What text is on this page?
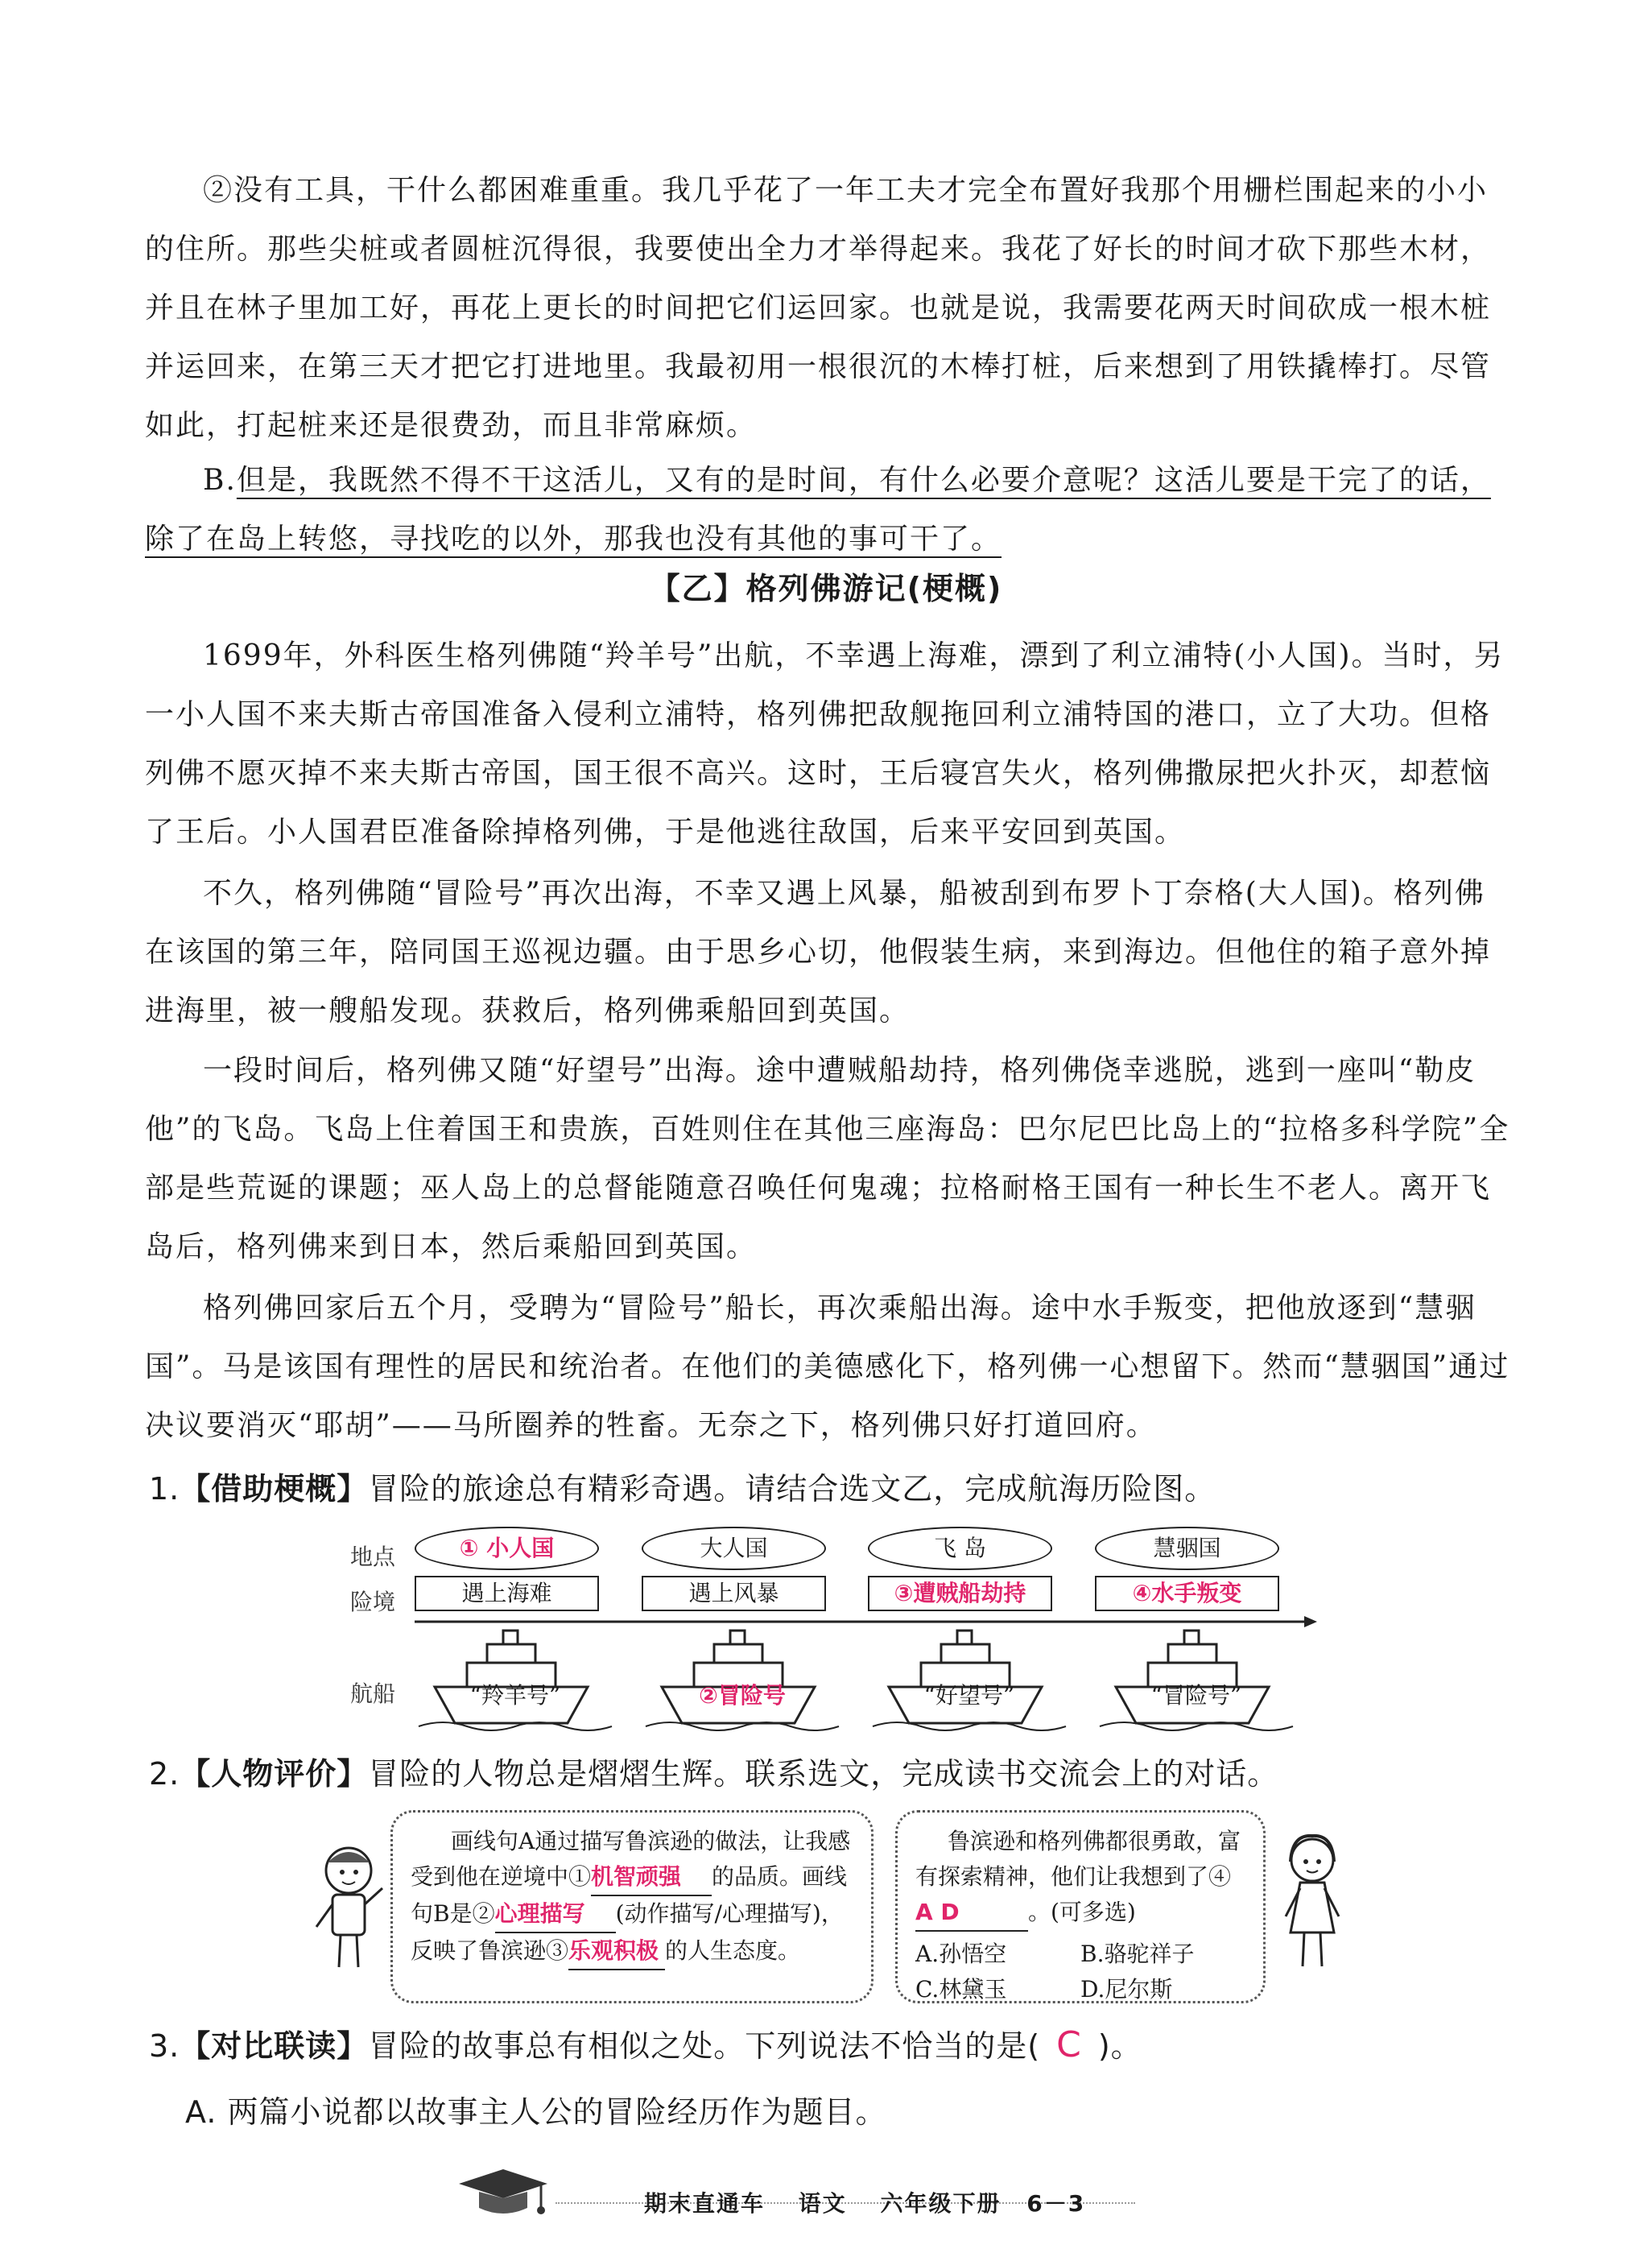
②没有工具，干什么都困难重重。我几乎花了一年工夫才完全布置好我那个用栅栏围起来的小小的住所。那些尖桩或者圆桩沉得很，我要使出全力才举得起来。我花了好长的时间才砍下那些木材，并且在林子里加工好，再花上更长的时间把它们运回家。也就是说，我需要花两天时间砍成一根木桩并运回来，在第三天才把它打进地里。我最初用一根很沉的木棒打桩，后来想到了用铁撬棒打。尽管如此，打起桩来还是很费劲，而且非常麻烦。

B.但是，我既然不得不干这活儿，又有的是时间，有什么必要介意呢？这活儿要是干完了的话，除了在岛上转悠，寻找吃的以外，那我也没有其他的事可干了。

【乙】格列佛游记(梗概)

1699年，外科医生格列佛随“羚羊号”出航，不幸遇上海难，漂到了利立浦特(小人国)。当时，另一小人国不来夫斯古帝国准备入侵利立浦特，格列佛把敌舰拖回利立浦特国的港口，立了大功。但格列佛不愿灭掉不来夫斯古帝国，国王很不高兴。这时，王后寝宫失火，格列佛撒尿把火扑灭，却惹恼了王后。小人国君臣准备除掉格列佛，于是他逃往敌国，后来平安回到英国。

不久，格列佛随“冒险号”再次出海，不幸又遇上风暴，船被刮到布罗卜丁奈格(大人国)。格列佛在该国的第三年，陪同国王巡视边疆。由于思乡心切，他假装生病，来到海边。但他住的箱子意外掉进海里，被一艘船发现。获救后，格列佛乘船回到英国。

一段时间后，格列佛又随“好望号”出海。途中遭贼船劫持，格列佛侥幸逃脱，逃到一座叫“勒皮他”的飞岛。飞岛上住着国王和贵族，百姓则住在其他三座海岛：巴尔尼巴比岛上的“拉格多科学院”全部是些荒诞的课题；巫人岛上的总督能随意召唤任何鬼魂；拉格耐格王国有一种长生不老人。离开飞岛后，格列佛来到日本，然后乘船回到英国。

格列佛回家后五个月，受聘为“冒险号”船长，再次乘船出海。途中水手叛变，把他放逐到“慧骃国”。马是该国有理性的居民和统治者。在他们的美德感化下，格列佛一心想留下。然而“慧骃国”通过决议要消灭“耶胡”——马所圈养的牲畜。无奈之下，格列佛只好打道回府。

1.【借助梗概】冒险的旅途总有精彩奇遇。请结合选文乙，完成航海历险图。
地点
险境
航船
① 小人国	大人国	飞 岛	慧骃国
遇上海难	遇上风暴	③遭贼船劫持	④水手叛变
“羚羊号”	②冒险号	“好望号”	“冒险号”
2.【人物评价】冒险的人物总是熠熠生辉。联系选文，完成读书交流会上的对话。
画线句A通过描写鲁滨逊的做法，让我感受到他在逆境中①机智顽强 的品质。画线句B是②心理描写 (动作描写/心理描写)，反映了鲁滨逊③乐观积极 的人生态度。
鲁滨逊和格列佛都很勇敢，富有探索精神，他们让我想到了④A D	。(可多选)
A.孙悟空	B.骆驼祥子
C.林黛玉	D.尼尔斯
3.【对比联读】冒险的故事总有相似之处。下列说法不恰当的是( C )。
A. 两篇小说都以故事主人公的冒险经历作为题目。
期末直通车 语文 六年级下册 6－3
